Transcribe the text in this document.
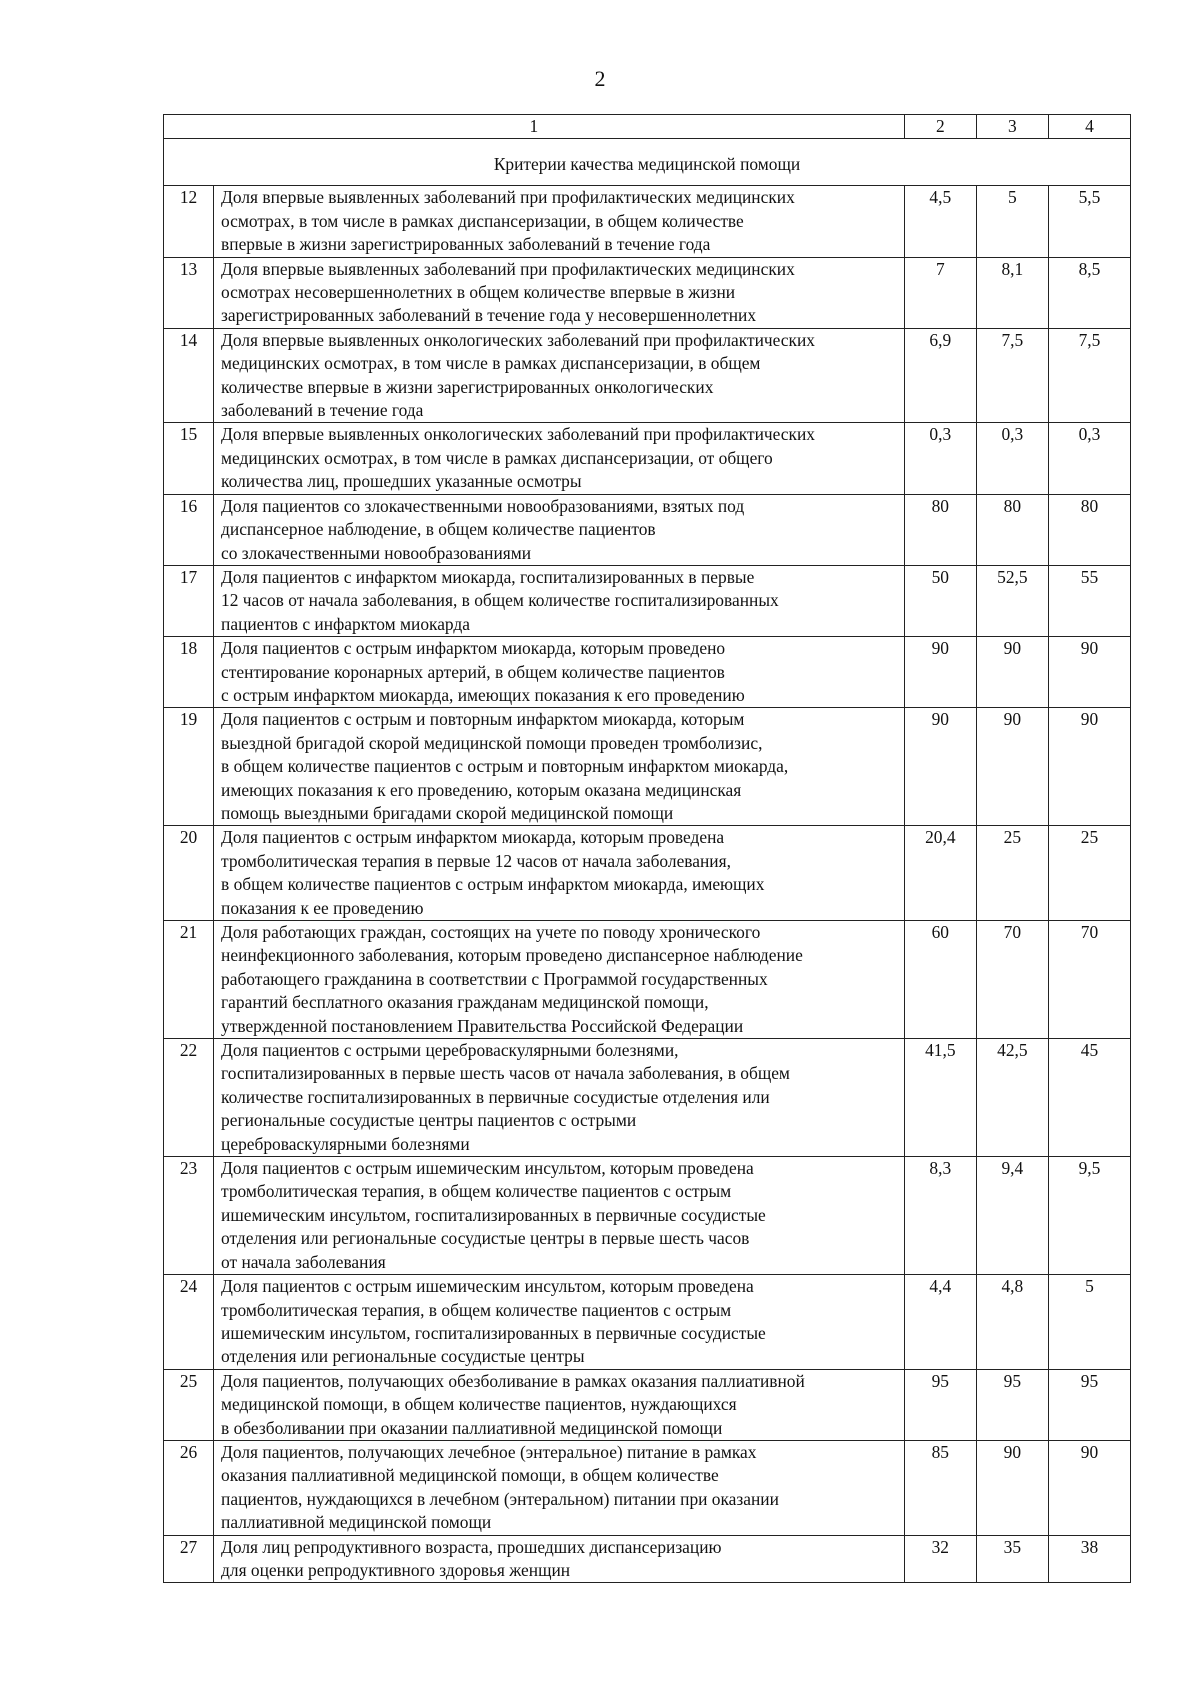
2
1		2	3	4
Критерии качества медицинской помощи				
12	Доля впервые выявленных заболеваний при профилактических медицинских
осмотрах, в том числе в рамках диспансеризации, в общем количестве
впервые в жизни зарегистрированных заболеваний в течение года	4,5	5	5,5
13	Доля впервые выявленных заболеваний при профилактических медицинских
осмотрах несовершеннолетних в общем количестве впервые в жизни
зарегистрированных заболеваний в течение года у несовершеннолетних	7	8,1	8,5
14	Доля впервые выявленных онкологических заболеваний при профилактических
медицинских осмотрах, в том числе в рамках диспансеризации, в общем
количестве впервые в жизни зарегистрированных онкологических
заболеваний в течение года	6,9	7,5	7,5
15	Доля впервые выявленных онкологических заболеваний при профилактических
медицинских осмотрах, в том числе в рамках диспансеризации, от общего
количества лиц, прошедших указанные осмотры	0,3	0,3	0,3
16	Доля пациентов со злокачественными новообразованиями, взятых под
диспансерное наблюдение, в общем количестве пациентов
со злокачественными новообразованиями	80	80	80
17	Доля пациентов с инфарктом миокарда, госпитализированных в первые
12 часов от начала заболевания, в общем количестве госпитализированных
пациентов с инфарктом миокарда	50	52,5	55
18	Доля пациентов с острым инфарктом миокарда, которым проведено
стентирование коронарных артерий, в общем количестве пациентов
с острым инфарктом миокарда, имеющих показания к его проведению	90	90	90
19	Доля пациентов с острым и повторным инфарктом миокарда, которым
выездной бригадой скорой медицинской помощи проведен тромболизис,
в общем количестве пациентов с острым и повторным инфарктом миокарда,
имеющих показания к его проведению, которым оказана медицинская
помощь выездными бригадами скорой медицинской помощи	90	90	90
20	Доля пациентов с острым инфарктом миокарда, которым проведена
тромболитическая терапия в первые 12 часов от начала заболевания,
в общем количестве пациентов с острым инфарктом миокарда, имеющих
показания к ее проведению	20,4	25	25
21	Доля работающих граждан, состоящих на учете по поводу хронического
неинфекционного заболевания, которым проведено диспансерное наблюдение
работающего гражданина в соответствии с Программой государственных
гарантий бесплатного оказания гражданам медицинской помощи,
утвержденной постановлением Правительства Российской Федерации	60	70	70
22	Доля пациентов с острыми цереброваскулярными болезнями,
госпитализированных в первые шесть часов от начала заболевания, в общем
количестве госпитализированных в первичные сосудистые отделения или
региональные сосудистые центры пациентов с острыми
цереброваскулярными болезнями	41,5	42,5	45
23	Доля пациентов с острым ишемическим инсультом, которым проведена
тромболитическая терапия, в общем количестве пациентов с острым
ишемическим инсультом, госпитализированных в первичные сосудистые
отделения или региональные сосудистые центры в первые шесть часов
от начала заболевания	8,3	9,4	9,5
24	Доля пациентов с острым ишемическим инсультом, которым проведена
тромболитическая терапия, в общем количестве пациентов с острым
ишемическим инсультом, госпитализированных в первичные сосудистые
отделения или региональные сосудистые центры	4,4	4,8	5
25	Доля пациентов, получающих обезболивание в рамках оказания паллиативной
медицинской помощи, в общем количестве пациентов, нуждающихся
в обезболивании при оказании паллиативной медицинской помощи	95	95	95
26	Доля пациентов, получающих лечебное (энтеральное) питание в рамках
оказания паллиативной медицинской помощи, в общем количестве
пациентов, нуждающихся в лечебном (энтеральном) питании при оказании
паллиативной медицинской помощи	85	90	90
27	Доля лиц репродуктивного возраста, прошедших диспансеризацию
для оценки репродуктивного здоровья женщин	32	35	38
